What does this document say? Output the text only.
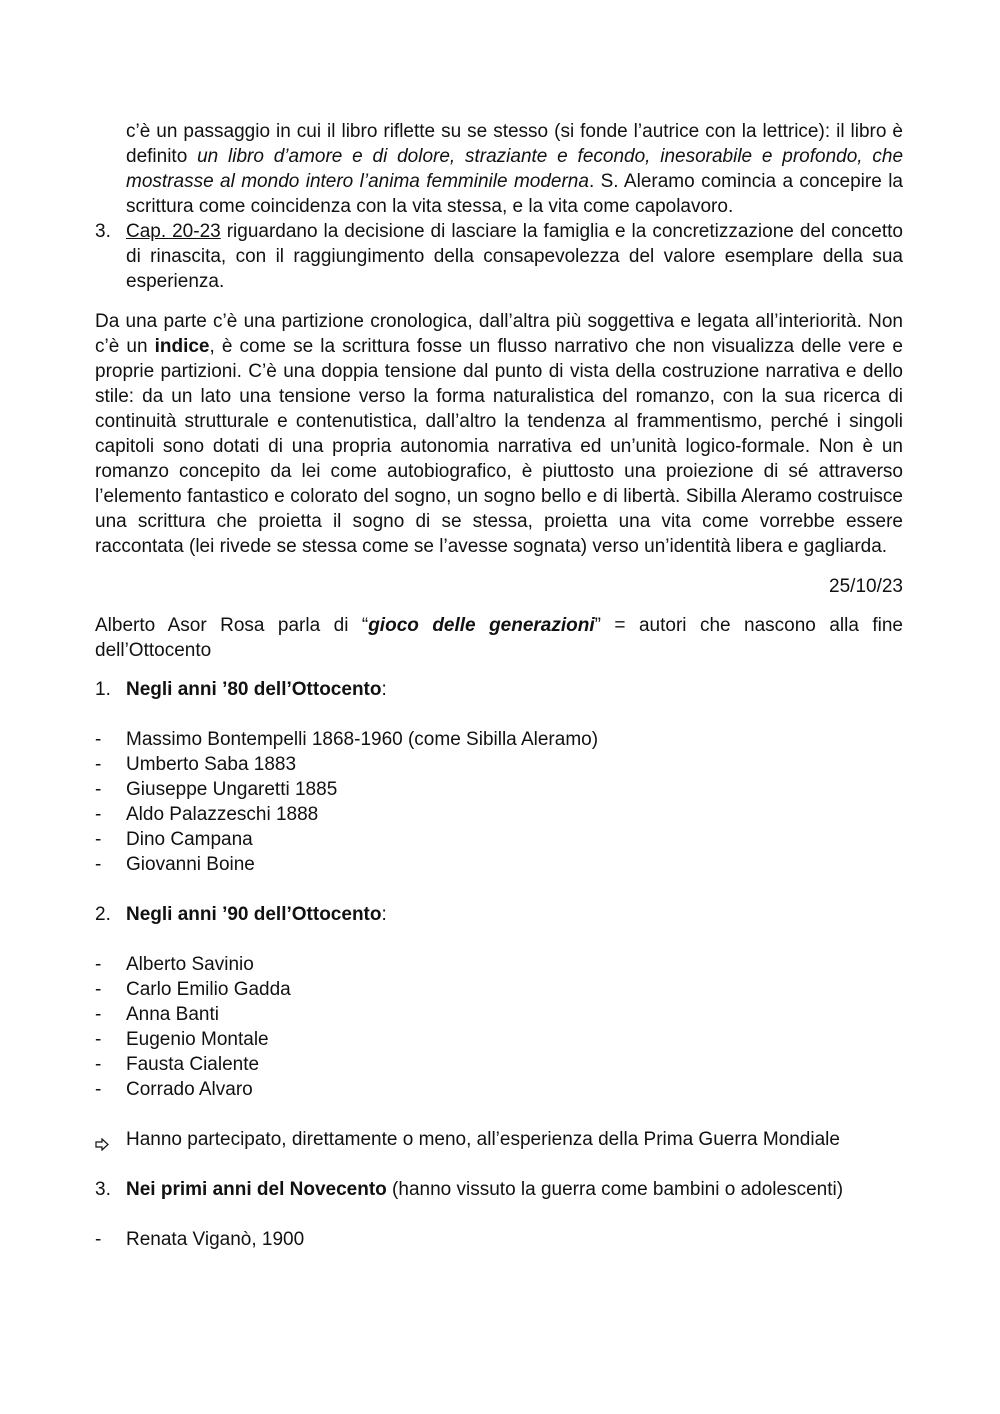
c’è un passaggio in cui il libro riflette su se stesso (si fonde l’autrice con la lettrice): il libro è definito un libro d’amore e di dolore, straziante e fecondo, inesorabile e profondo, che mostrasse al mondo intero l’anima femminile moderna. S. Aleramo comincia a concepire la scrittura come coincidenza con la vita stessa, e la vita come capolavoro.
3. Cap. 20-23 riguardano la decisione di lasciare la famiglia e la concretizzazione del concetto di rinascita, con il raggiungimento della consapevolezza del valore esemplare della sua esperienza.

Da una parte c’è una partizione cronologica, dall’altra più soggettiva e legata all’interiorità. Non c’è un indice, è come se la scrittura fosse un flusso narrativo che non visualizza delle vere e proprie partizioni. C’è una doppia tensione dal punto di vista della costruzione narrativa e dello stile: da un lato una tensione verso la forma naturalistica del romanzo, con la sua ricerca di continuità strutturale e contenutistica, dall’altro la tendenza al frammentismo, perché i singoli capitoli sono dotati di una propria autonomia narrativa ed un’unità logico-formale. Non è un romanzo concepito da lei come autobiografico, è piuttosto una proiezione di sé attraverso l’elemento fantastico e colorato del sogno, un sogno bello e di libertà. Sibilla Aleramo costruisce una scrittura che proietta il sogno di se stessa, proietta una vita come vorrebbe essere raccontata (lei rivede se stessa come se l’avesse sognata) verso un’identità libera e gagliarda.

25/10/23

Alberto Asor Rosa parla di “gioco delle generazioni” = autori che nascono alla fine dell’Ottocento

1. Negli anni ’80 dell’Ottocento:
- Massimo Bontempelli 1868-1960 (come Sibilla Aleramo)
- Umberto Saba 1883
- Giuseppe Ungaretti 1885
- Aldo Palazzeschi 1888
- Dino Campana
- Giovanni Boine
2. Negli anni ’90 dell’Ottocento:
- Alberto Savinio
- Carlo Emilio Gadda
- Anna Banti
- Eugenio Montale
- Fausta Cialente
- Corrado Alvaro
Hanno partecipato, direttamente o meno, all’esperienza della Prima Guerra Mondiale
3. Nei primi anni del Novecento (hanno vissuto la guerra come bambini o adolescenti)
- Renata Viganò, 1900
